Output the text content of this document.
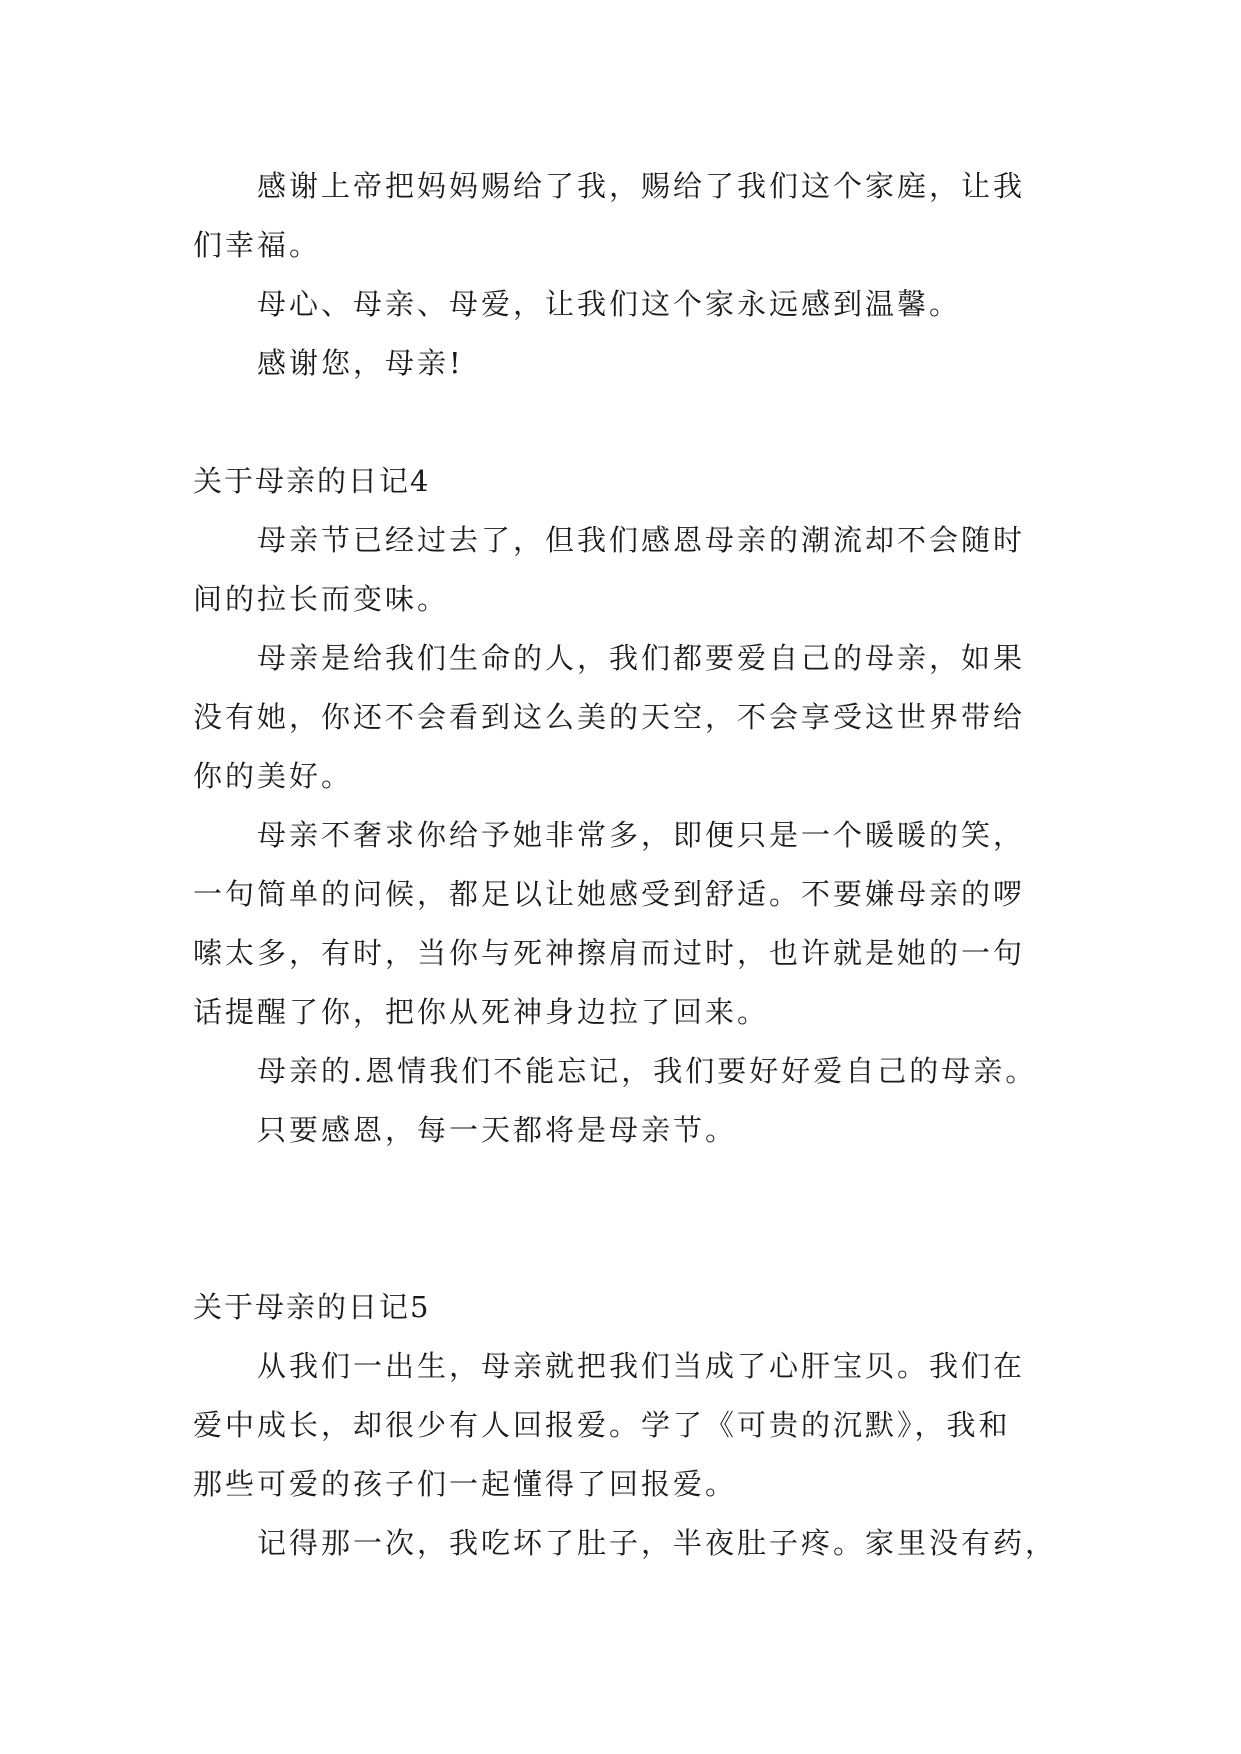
感谢上帝把妈妈赐给了我，赐给了我们这个家庭，让我
们幸福。
母心、母亲、母爱，让我们这个家永远感到温馨。
感谢您，母亲!
关于母亲的日记4
母亲节已经过去了，但我们感恩母亲的潮流却不会随时
间的拉长而变味。
母亲是给我们生命的人，我们都要爱自己的母亲，如果
没有她，你还不会看到这么美的天空，不会享受这世界带给
你的美好。
母亲不奢求你给予她非常多，即便只是一个暖暖的笑，
一句简单的问候，都足以让她感受到舒适。不要嫌母亲的啰
嗦太多，有时，当你与死神擦肩而过时，也许就是她的一句
话提醒了你，把你从死神身边拉了回来。
母亲的.恩情我们不能忘记，我们要好好爱自己的母亲。
只要感恩，每一天都将是母亲节。
关于母亲的日记5
从我们一出生，母亲就把我们当成了心肝宝贝。我们在
爱中成长，却很少有人回报爱。学了《可贵的沉默》，我和
那些可爱的孩子们一起懂得了回报爱。
记得那一次，我吃坏了肚子，半夜肚子疼。家里没有药，
